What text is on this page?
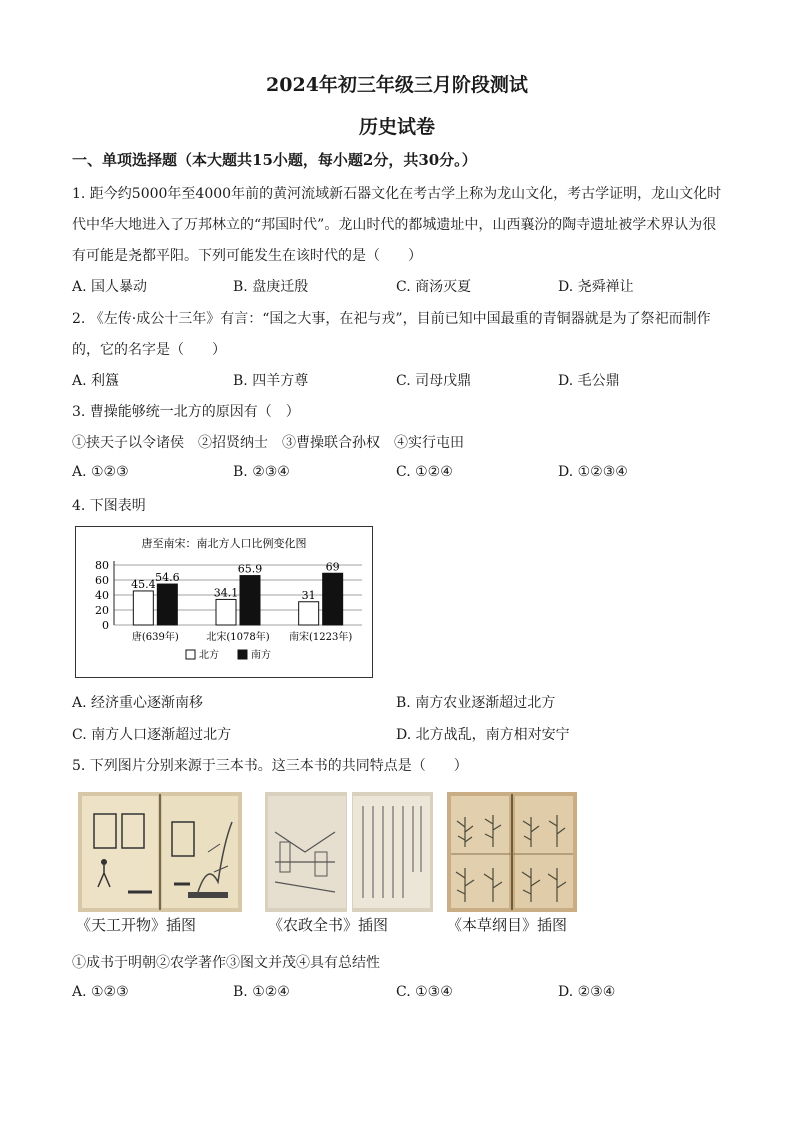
2024年初三年级三月阶段测试
历史试卷
一、单项选择题（本大题共15小题，每小题2分，共30分。）
1. 距今约5000年至4000年前的黄河流域新石器文化在考古学上称为龙山文化，考古学证明，龙山文化时
代中华大地进入了万邦林立的“邦国时代”。龙山时代的都城遗址中，山西襄汾的陶寺遗址被学术界认为很
有可能是尧都平阳。下列可能发生在该时代的是（　　）
A. 国人暴动	B. 盘庚迁殷	C. 商汤灭夏	D. 尧舜禅让
2. 《左传·成公十三年》有言：“国之大事，在祀与戎”，目前已知中国最重的青铜器就是为了祭祀而制作
的，它的名字是（　　）
A. 利簋	B. 四羊方尊	C. 司母戊鼎	D. 毛公鼎
3. 曹操能够统一北方的原因有（　）
①挟天子以令诸侯　②招贤纳士　③曹操联合孙权　④实行屯田
A. ①②③	B. ②③④	C. ①②④	D. ①②③④
4. 下图表明
唐至南宋：南北方人口比例变化图
0
20
40
60
80
45.4
54.6
唐(639年)
34.1
65.9
北宋(1078年)
31
69
南宋(1223年)
北方	南方
A. 经济重心逐渐南移	B. 南方农业逐渐超过北方
C. 南方人口逐渐超过北方	D. 北方战乱，南方相对安宁
5. 下列图片分别来源于三本书。这三本书的共同特点是（　　）
《天工开物》插图	《农政全书》插图	《本草纲目》插图
①成书于明朝②农学著作③图文并茂④具有总结性
A. ①②③	B. ①②④	C. ①③④	D. ②③④
